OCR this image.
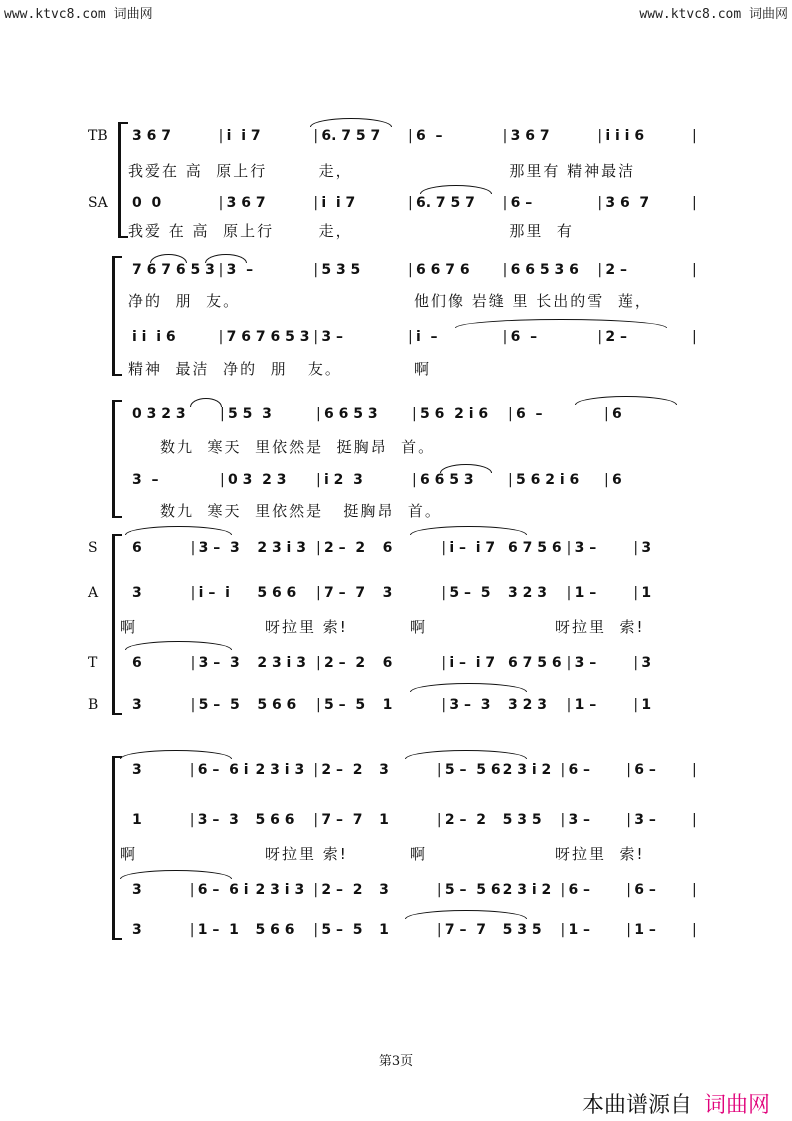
www.ktvc8.com 词曲网	www.ktvc8.com 词曲网
TB 3 6 7	| i  i 7	| 6. 7 5 7 | 6  –	| 3 6 7	| i i i 6	|
我爱在 高  原上行	走，	那里有 精神最洁
SA 0  0	| 3 6 7	| i  i 7	| 6. 7 5 7 | 6 –	| 3 6  7	|
我爱 在 高  原上行	走，	那里  有
7 6 7 6 5 3 | 3  –	| 5 3 5	| 6 6 7 6 | 6 6 5 3 6 | 2 –	|
净的  朋  友。	他们像 岩缝 里 长出的雪  莲，
i i  i 6	| 7 6 7 6 5 3 | 3 –	| i  –	| 6  –	| 2 –	|
精神  最洁  净的  朋   友。	啊
0 3 2 3 | 5 5  3	| 6 6 5 3 | 5 6  2 i 6 | 6  –	| 6
数九  寒天  里依然是  挺胸昂  首。
3  –	| 0 3  2 3 | i 2  3	| 6 6 5 3 | 5 6 2 i 6 | 6
数九  寒天  里依然是   挺胸昂  首。
S 6	| 3 –  3 2 3 i 3 | 2 –  2 6	| i –  i 7 6 7 5 6 | 3 –	| 3
A 3	| i –  i 5 6 6 | 7 –  7 3	| 5 –  5 3 2 3 | 1 –	| 1
啊	呀拉里 索!	啊	呀拉里  索!
T 6	| 3 –  3 2 3 i 3 | 2 –  2 6	| i –  i 7 6 7 5 6 | 3 –	| 3
B 3	| 5 –  5 5 6 6 | 5 –  5 1	| 3 –  3 3 2 3 | 1 –	| 1
3	| 6 –  6 i 2 3 i 3 | 2 –  2 3	| 5 –  5 6 2 3 i 2 | 6 –	| 6 –	|
1	| 3 –  3 5 6 6 | 7 –  7 1	| 2 –  2 5 3 5 | 3 –	| 3 –	|
啊	呀拉里 索!	啊	呀拉里  索!
3	| 6 –  6 i 2 3 i 3 | 2 –  2 3	| 5 –  5 6 2 3 i 2 | 6 –	| 6 –	|
3	| 1 –  1 5 6 6 | 5 –  5 1	| 7 –  7 5 3 5 | 1 –	| 1 –	|
第3页
本曲谱源自 词曲网
